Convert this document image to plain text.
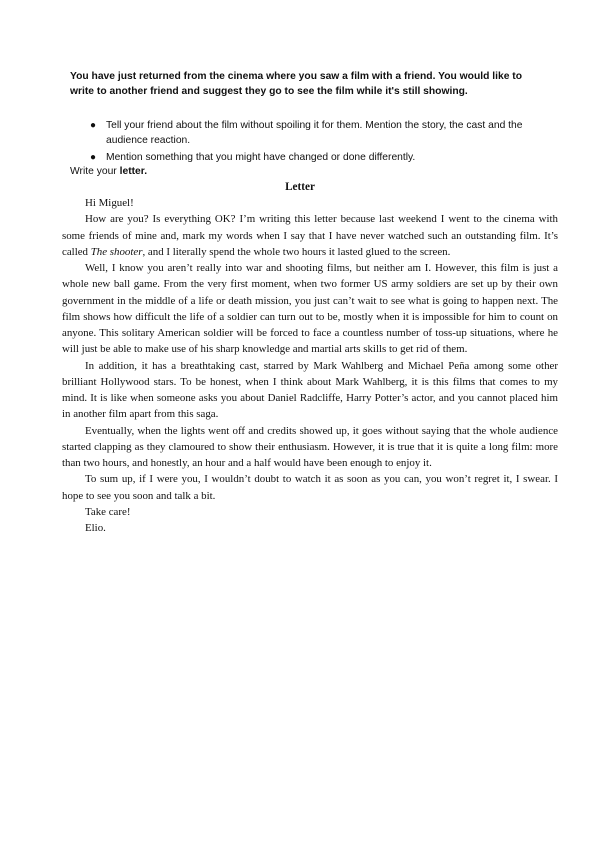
You have just returned from the cinema where you saw a film with a friend. You would like to write to another friend and suggest they go to see the film while it's still showing.
● Tell your friend about the film without spoiling it for them. Mention the story, the cast and the audience reaction.
● Mention something that you might have changed or done differently.
Write your letter.
Letter

Hi Miguel!

How are you? Is everything OK? I’m writing this letter because last weekend I went to the cinema with some friends of mine and, mark my words when I say that I have never watched such an outstanding film. It’s called The shooter, and I literally spend the whole two hours it lasted glued to the screen.

Well, I know you aren’t really into war and shooting films, but neither am I. However, this film is just a whole new ball game. From the very first moment, when two former US army soldiers are set up by their own government in the middle of a life or death mission, you just can’t wait to see what is going to happen next. The film shows how difficult the life of a soldier can turn out to be, mostly when it is impossible for him to count on anyone. This solitary American soldier will be forced to face a countless number of toss-up situations, where he will just be able to make use of his sharp knowledge and martial arts skills to get rid of them.

In addition, it has a breathtaking cast, starred by Mark Wahlberg and Michael Peña among some other brilliant Hollywood stars. To be honest, when I think about Mark Wahlberg, it is this films that comes to my mind. It is like when someone asks you about Daniel Radcliffe, Harry Potter’s actor, and you cannot placed him in another film apart from this saga.

Eventually, when the lights went off and credits showed up, it goes without saying that the whole audience started clapping as they clamoured to show their enthusiasm. However, it is true that it is quite a long film: more than two hours, and honestly, an hour and a half would have been enough to enjoy it.

To sum up, if I were you, I wouldn’t doubt to watch it as soon as you can, you won’t regret it, I swear. I hope to see you soon and talk a bit.

Take care!

Elio.
